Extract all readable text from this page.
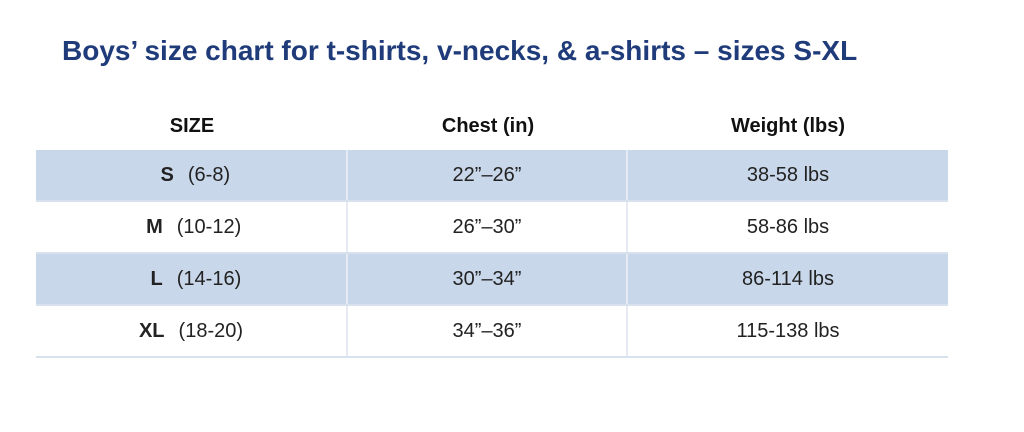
Boys’ size chart for t-shirts, v-necks, & a-shirts – sizes S-XL
SIZE	Chest (in)	Weight (lbs)
S (6-8)	22”–26”	38-58 lbs
M (10-12)	26”–30”	58-86 lbs
L (14-16)	30”–34”	86-114 lbs
XL (18-20)	34”–36”	115-138 lbs
